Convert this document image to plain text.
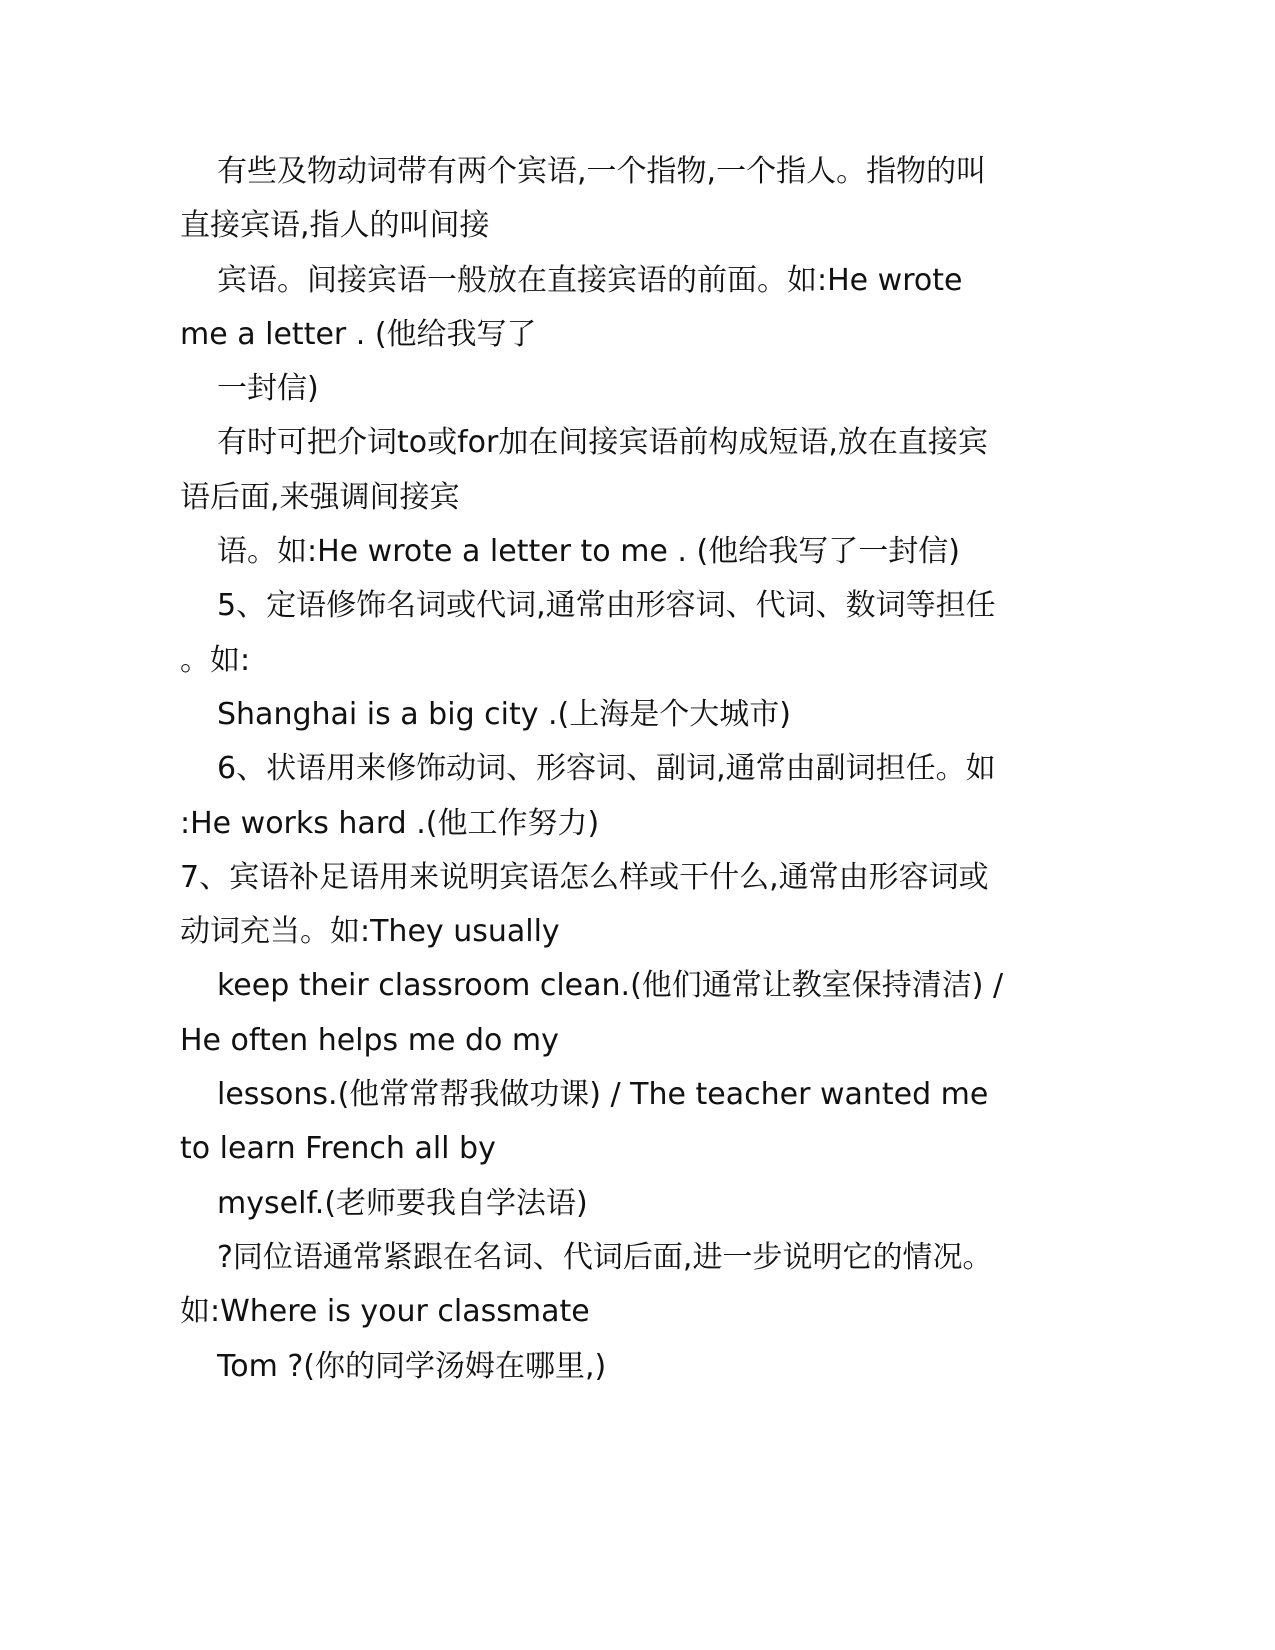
有些及物动词带有两个宾语,一个指物,一个指人。指物的叫
直接宾语,指人的叫间接
宾语。间接宾语一般放在直接宾语的前面。如:He wrote
me a letter . (他给我写了
一封信)
有时可把介词to或for加在间接宾语前构成短语,放在直接宾
语后面,来强调间接宾
语。如:He wrote a letter to me . (他给我写了一封信)
5、定语修饰名词或代词,通常由形容词、代词、数词等担任
。如:
Shanghai is a big city .(上海是个大城市)
6、状语用来修饰动词、形容词、副词,通常由副词担任。如
:He works hard .(他工作努力)
7、宾语补足语用来说明宾语怎么样或干什么,通常由形容词或
动词充当。如:They usually
keep their classroom clean.(他们通常让教室保持清洁) /
He often helps me do my
lessons.(他常常帮我做功课) / The teacher wanted me
to learn French all by
myself.(老师要我自学法语)
?同位语通常紧跟在名词、代词后面,进一步说明它的情况。
如:Where is your classmate
Tom ?(你的同学汤姆在哪里,)
